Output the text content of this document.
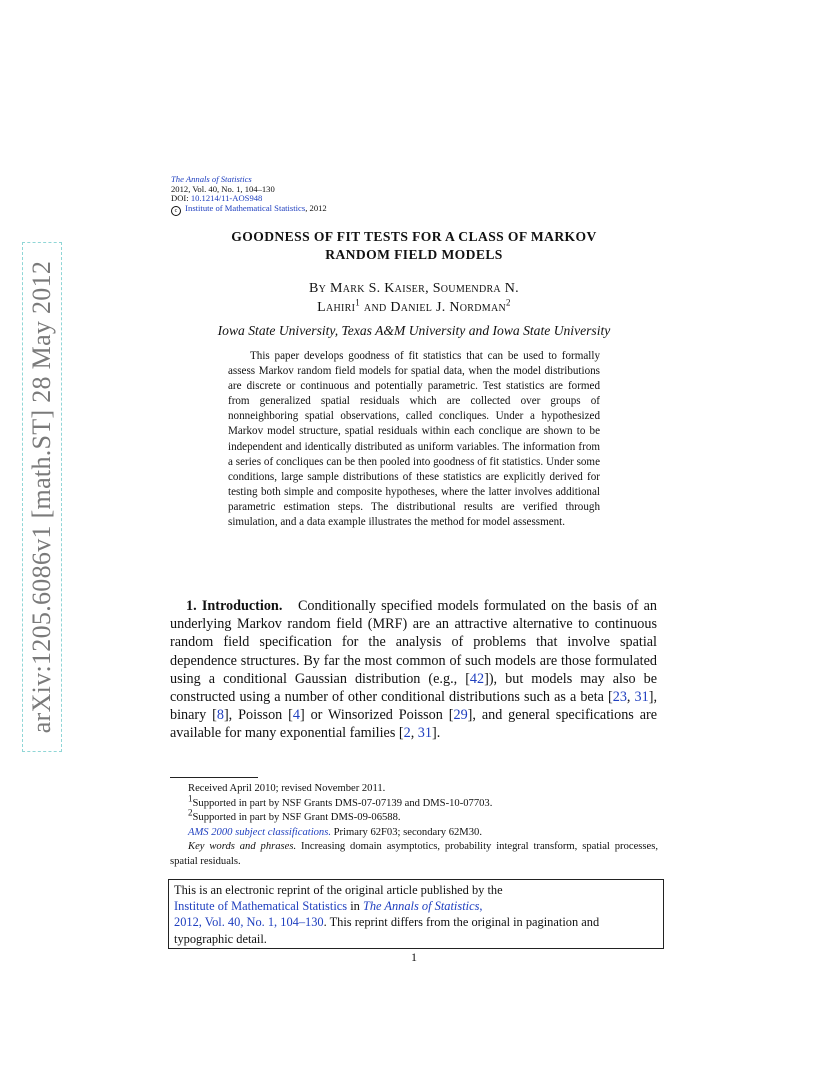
arXiv:1205.6086v1 [math.ST] 28 May 2012
The Annals of Statistics
2012, Vol. 40, No. 1, 104–130
DOI: 10.1214/11-AOS948
c Institute of Mathematical Statistics, 2012
GOODNESS OF FIT TESTS FOR A CLASS OF MARKOV
RANDOM FIELD MODELS
By Mark S. Kaiser, Soumendra N.
Lahiri$^1$ and Daniel J. Nordman$^2$
Iowa State University, Texas A&M University and Iowa State University
This paper develops goodness of fit statistics that can be used to formally assess Markov random field models for spatial data, when the model distributions are discrete or continuous and potentially parametric. Test statistics are formed from generalized spatial residuals which are collected over groups of nonneighboring spatial observations, called concliques. Under a hypothesized Markov model structure, spatial residuals within each conclique are shown to be independent and identically distributed as uniform variables. The information from a series of concliques can be then pooled into goodness of fit statistics. Under some conditions, large sample distributions of these statistics are explicitly derived for testing both simple and composite hypotheses, where the latter involves additional parametric estimation steps. The distributional results are verified through simulation, and a data example illustrates the method for model assessment.
1. Introduction. Conditionally specified models formulated on the basis of an underlying Markov random field (MRF) are an attractive alternative to continuous random field specification for the analysis of problems that involve spatial dependence structures. By far the most common of such models are those formulated using a conditional Gaussian distribution (e.g., [42]), but models may also be constructed using a number of other conditional distributions such as a beta [23, 31], binary [8], Poisson [4] or Winsorized Poisson [29], and general specifications are available for many exponential families [2, 31].
Received April 2010; revised November 2011.
$^1$Supported in part by NSF Grants DMS-07-07139 and DMS-10-07703.
$^2$Supported in part by NSF Grant DMS-09-06588.
AMS 2000 subject classifications. Primary 62F03; secondary 62M30.
Key words and phrases. Increasing domain asymptotics, probability integral transform, spatial processes, spatial residuals.
This is an electronic reprint of the original article published by the
Institute of Mathematical Statistics in The Annals of Statistics,
2012, Vol. 40, No. 1, 104–130. This reprint differs from the original in pagination and typographic detail.
1
